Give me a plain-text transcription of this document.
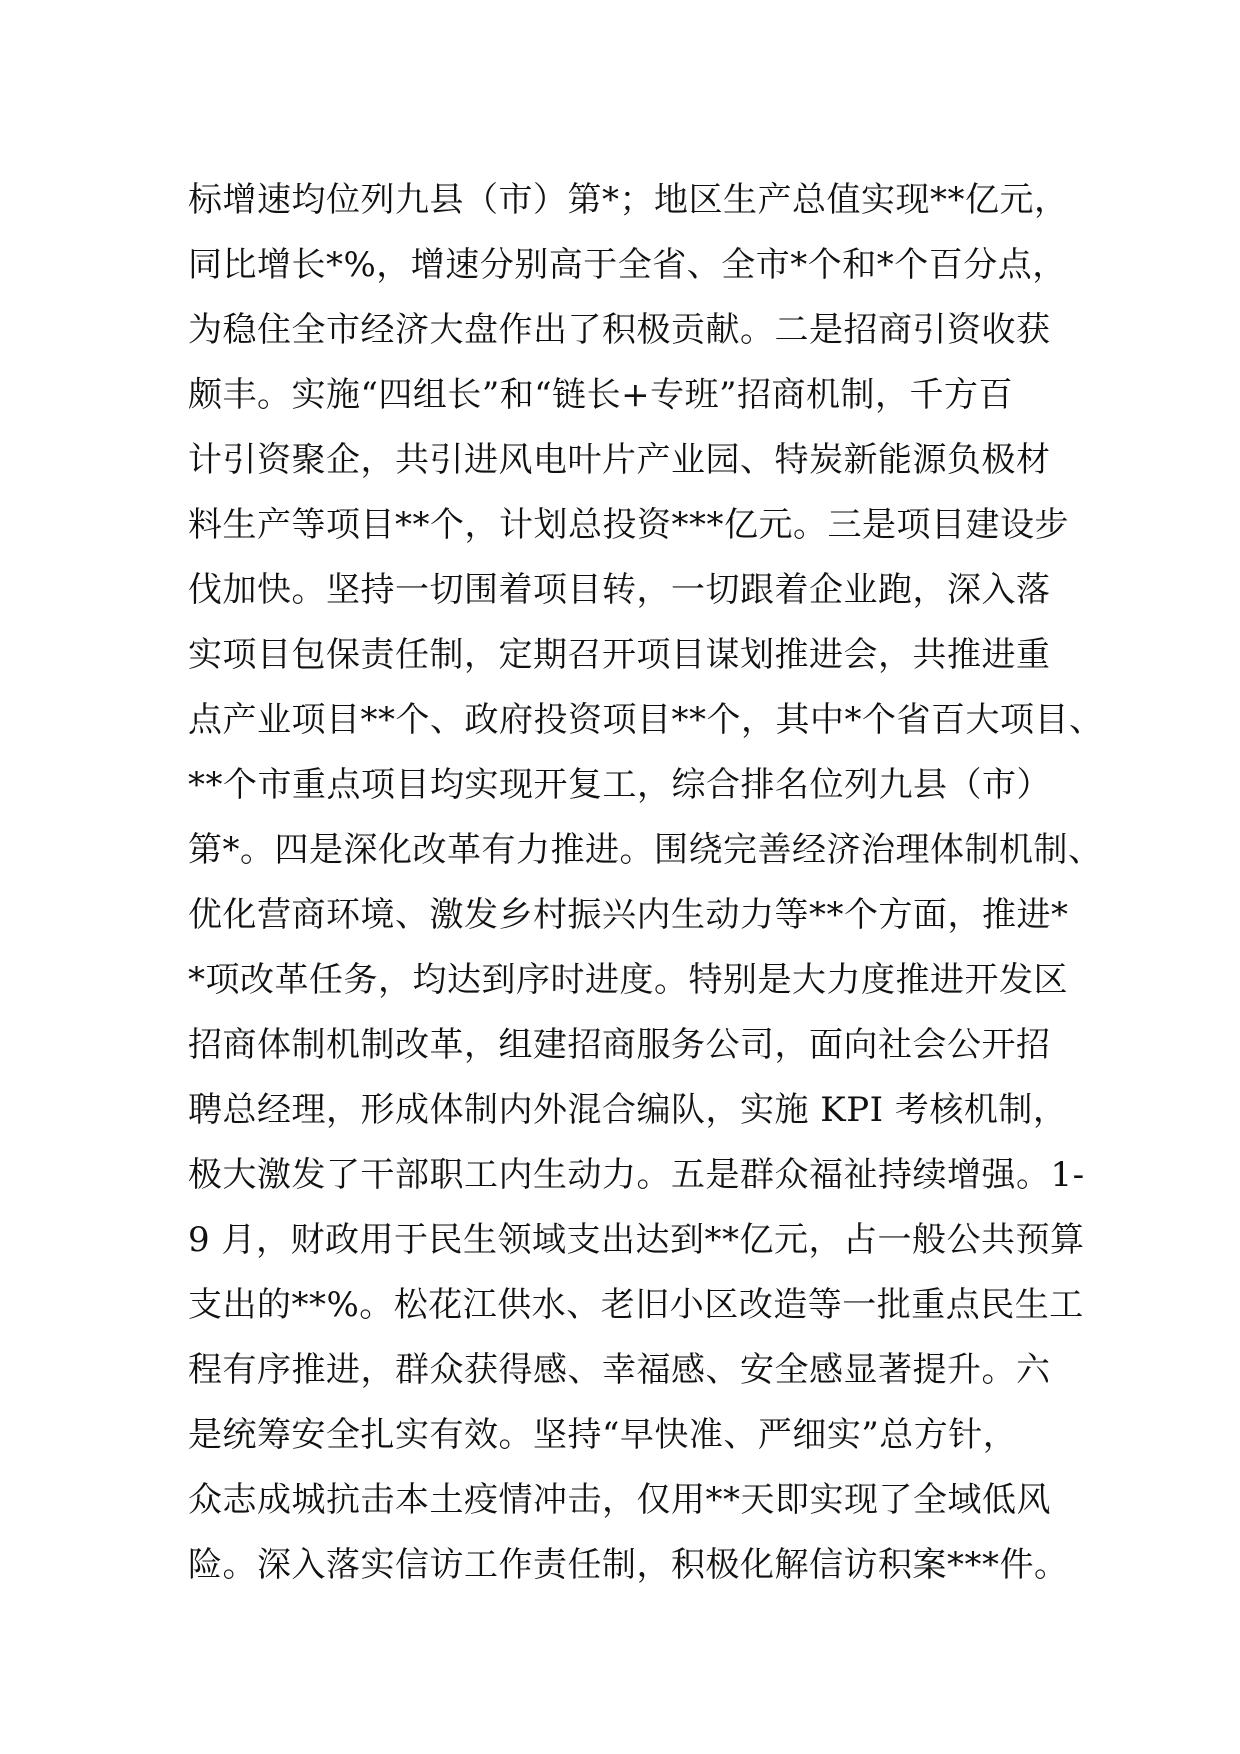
标增速均位列九县（市）第*；地区生产总值实现**亿元，
同比增长*%，增速分别高于全省、全市*个和*个百分点，
为稳住全市经济大盘作出了积极贡献。二是招商引资收获
颇丰。实施“四组长”和“链长+专班”招商机制，千方百
计引资聚企，共引进风电叶片产业园、特炭新能源负极材
料生产等项目**个，计划总投资***亿元。三是项目建设步
伐加快。坚持一切围着项目转，一切跟着企业跑，深入落
实项目包保责任制，定期召开项目谋划推进会，共推进重
点产业项目**个、政府投资项目**个，其中*个省百大项目、
**个市重点项目均实现开复工，综合排名位列九县（市）
第*。四是深化改革有力推进。围绕完善经济治理体制机制、
优化营商环境、激发乡村振兴内生动力等**个方面，推进*
*项改革任务，均达到序时进度。特别是大力度推进开发区
招商体制机制改革，组建招商服务公司，面向社会公开招
聘总经理，形成体制内外混合编队，实施 KPI 考核机制，
极大激发了干部职工内生动力。五是群众福祉持续增强。1-
9 月，财政用于民生领域支出达到**亿元，占一般公共预算
支出的**%。松花江供水、老旧小区改造等一批重点民生工
程有序推进，群众获得感、幸福感、安全感显著提升。六
是统筹安全扎实有效。坚持“早快准、严细实”总方针，
众志成城抗击本土疫情冲击，仅用**天即实现了全域低风
险。深入落实信访工作责任制，积极化解信访积案***件。
